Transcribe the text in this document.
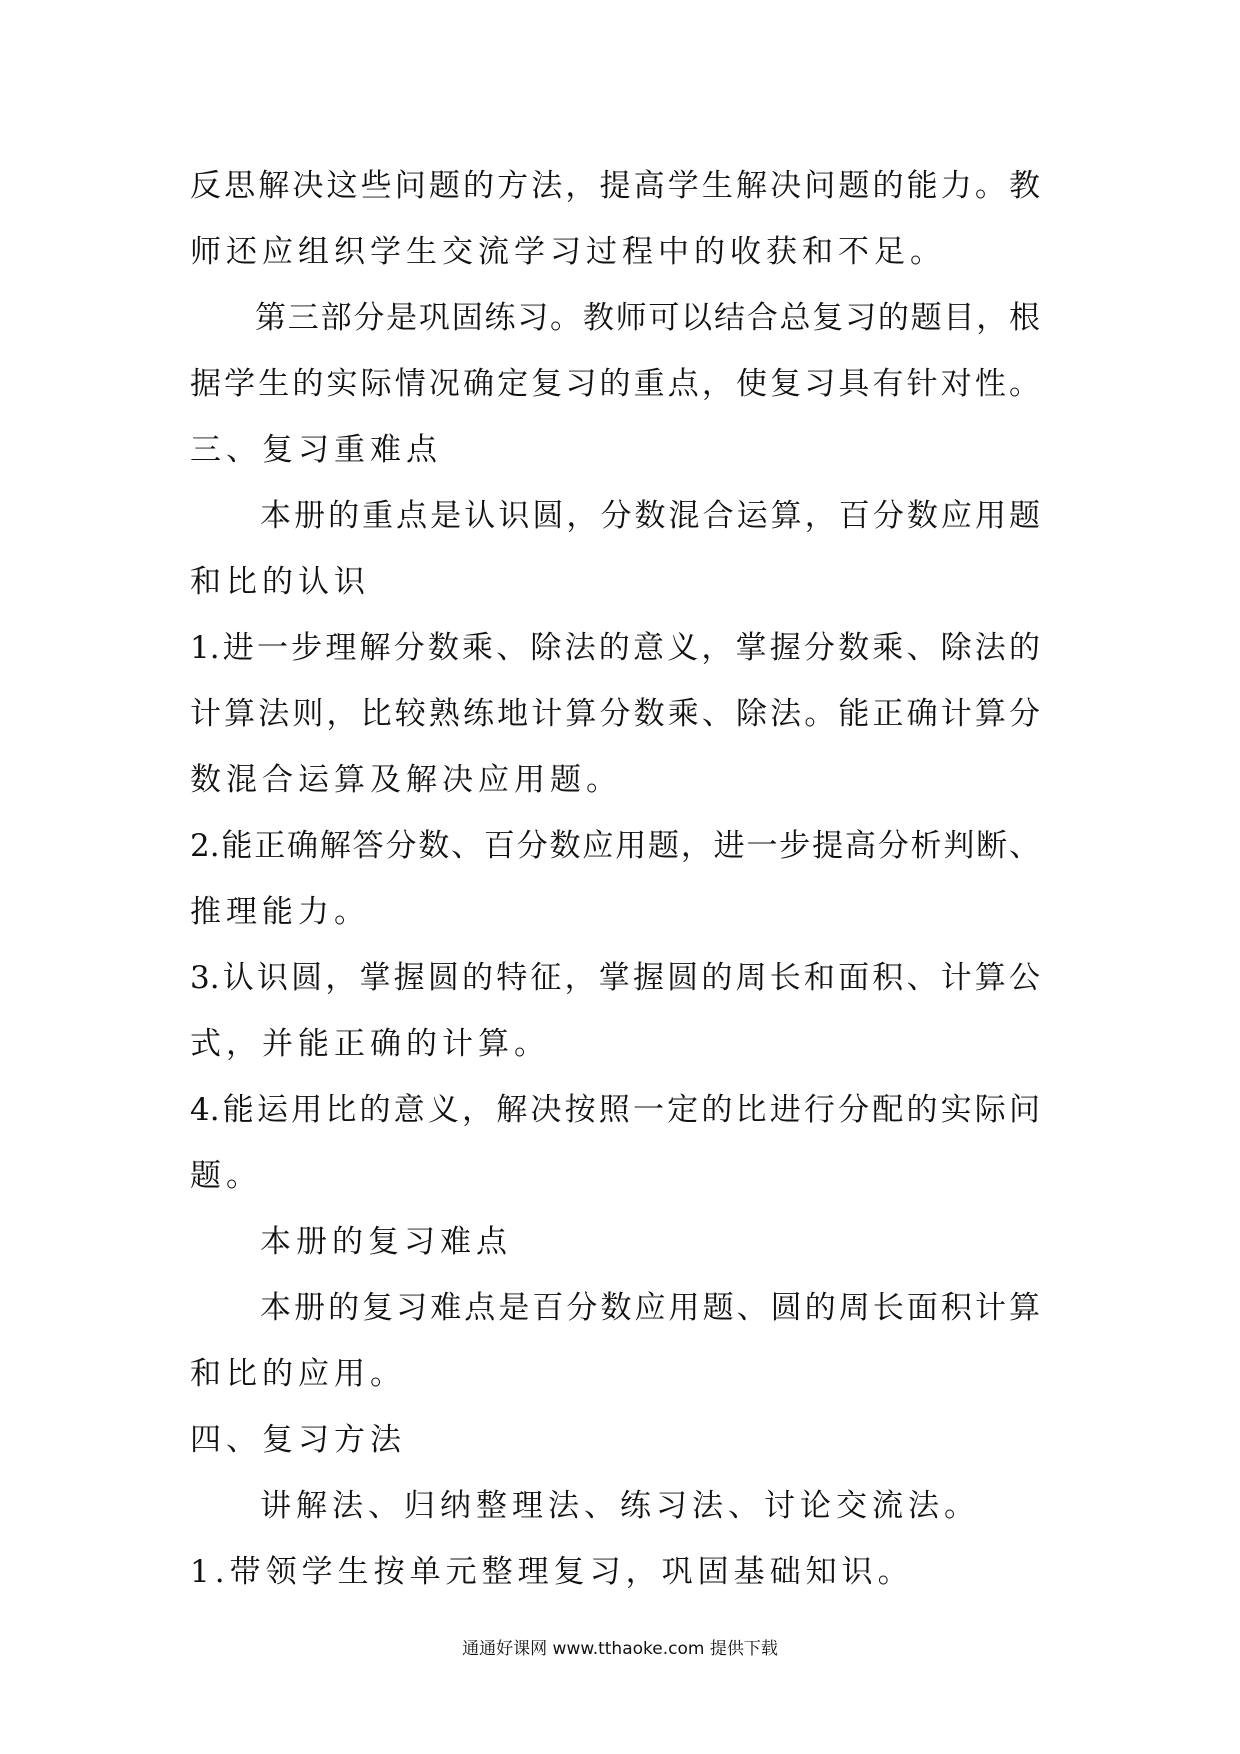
反思解决这些问题的方法，提高学生解决问题的能力。教
师还应组织学生交流学习过程中的收获和不足。
第三部分是巩固练习。教师可以结合总复习的题目，根
据学生的实际情况确定复习的重点，使复习具有针对性。
三、复习重难点
本册的重点是认识圆，分数混合运算，百分数应用题
和比的认识
1.进一步理解分数乘、除法的意义，掌握分数乘、除法的
计算法则，比较熟练地计算分数乘、除法。能正确计算分
数混合运算及解决应用题。
2.能正确解答分数、百分数应用题，进一步提高分析判断、
推理能力。
3.认识圆，掌握圆的特征，掌握圆的周长和面积、计算公
式，并能正确的计算。
4.能运用比的意义，解决按照一定的比进行分配的实际问
题。
本册的复习难点
本册的复习难点是百分数应用题、圆的周长面积计算
和比的应用。
四、复习方法
讲解法、归纳整理法、练习法、讨论交流法。
1.带领学生按单元整理复习，巩固基础知识。
通通好课网 www.tthaoke.com 提供下载
